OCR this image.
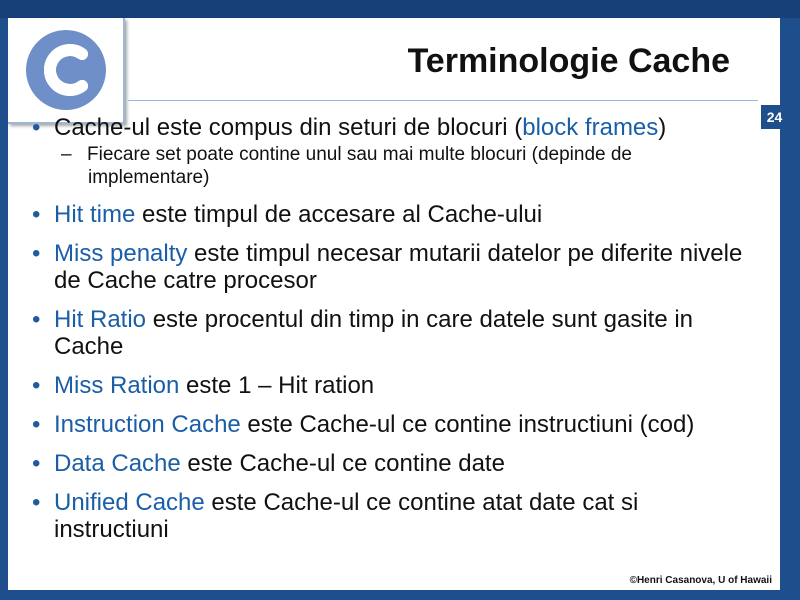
Terminologie Cache
24
• Cache-ul este compus din seturi de blocuri (block frames)
– Fiecare set poate contine unul sau mai multe blocuri (depinde de implementare)
• Hit time este timpul de accesare al Cache-ului
• Miss penalty este timpul necesar mutarii datelor pe diferite nivele de Cache catre procesor
• Hit Ratio este procentul din timp in care datele sunt gasite in Cache
• Miss Ration este 1 – Hit ration
• Instruction Cache este Cache-ul ce contine instructiuni (cod)
• Data Cache este Cache-ul ce contine date
• Unified Cache este Cache-ul ce contine atat date cat si instructiuni
©Henri Casanova, U of Hawaii
